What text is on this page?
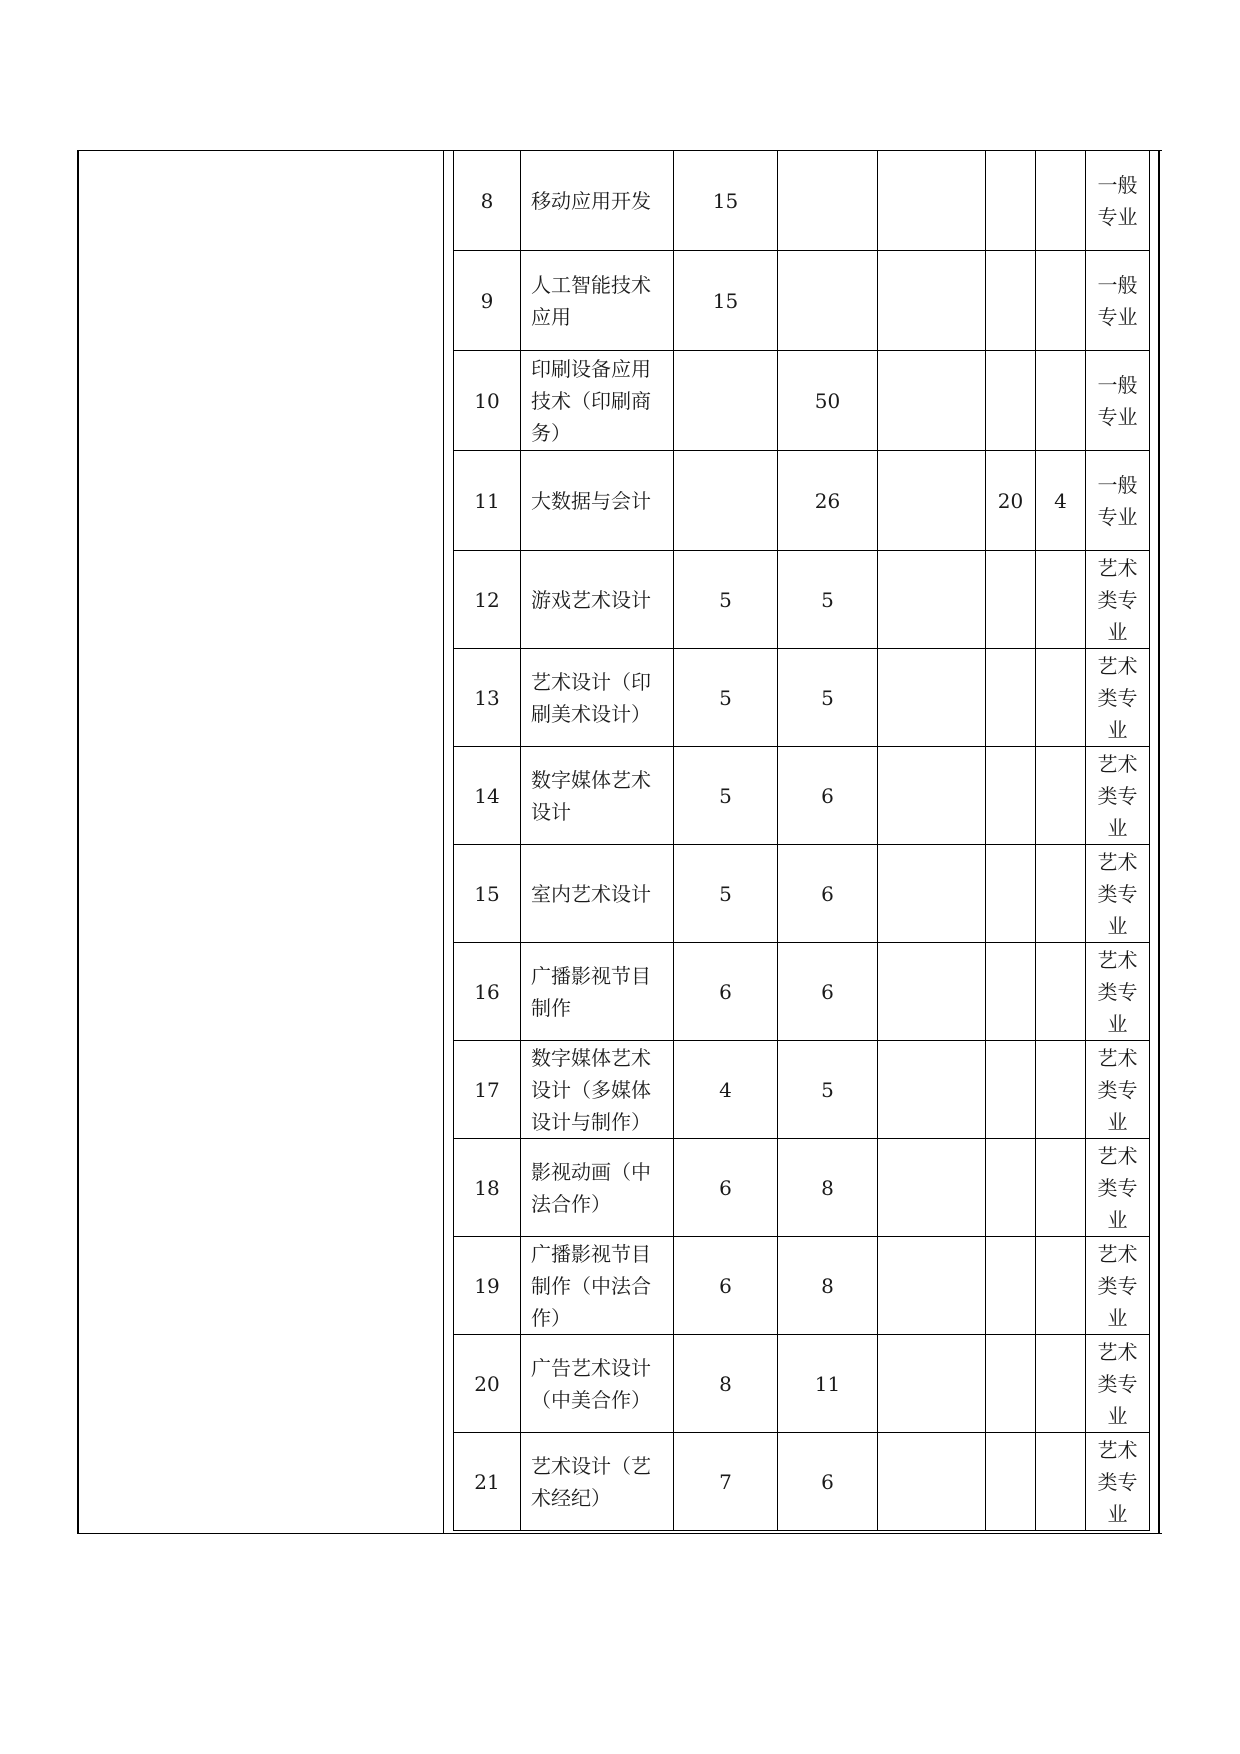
8	移动应用开发	15					一般专业
9	人工智能技术应用	15					一般专业
10	印刷设备应用技术（印刷商务）		50				一般专业
11	大数据与会计		26		20	4	一般专业
12	游戏艺术设计	5	5				艺术类专业
13	艺术设计（印刷美术设计）	5	5				艺术类专业
14	数字媒体艺术设计	5	6				艺术类专业
15	室内艺术设计	5	6				艺术类专业
16	广播影视节目制作	6	6				艺术类专业
17	数字媒体艺术设计（多媒体设计与制作）	4	5				艺术类专业
18	影视动画（中法合作）	6	8				艺术类专业
19	广播影视节目制作（中法合作）	6	8				艺术类专业
20	广告艺术设计（中美合作）	8	11				艺术类专业
21	艺术设计（艺术经纪）	7	6				艺术类专业
